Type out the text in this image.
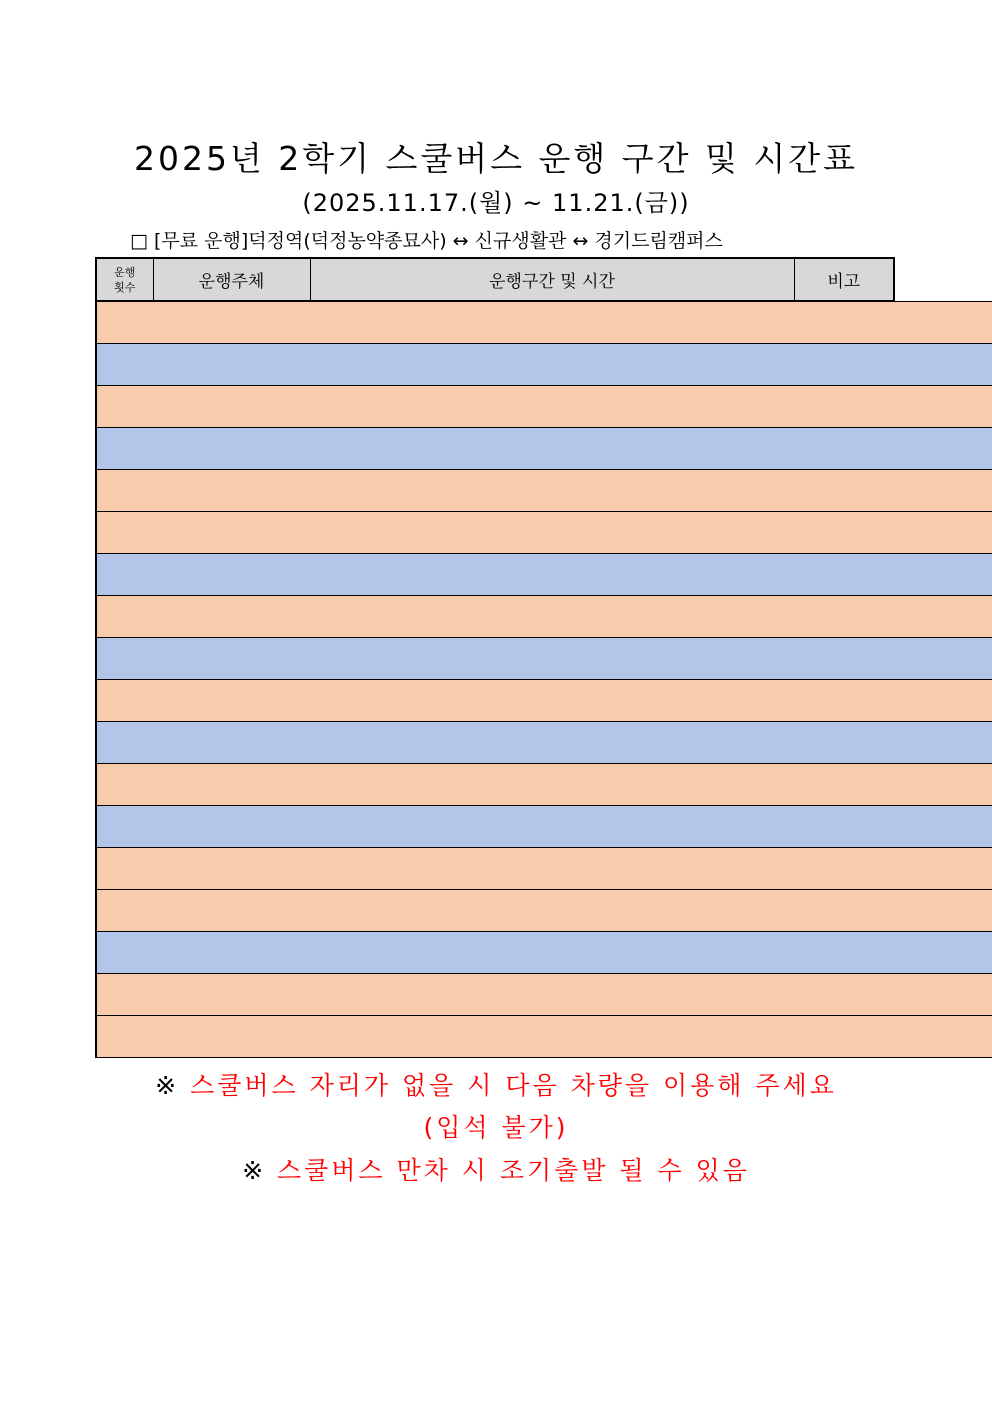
2025년 2학기 스쿨버스 운행 구간 및 시간표
(2025.11.17.(월) ~ 11.21.(금))
□ [무료 운행]덕정역(덕정농약종묘사) ↔ 신규생활관 ↔ 경기드림캠퍼스
운행
횟수	운행주체	운행구간 및 시간	비고

※ 스쿨버스 자리가 없을 시 다음 차량을 이용해 주세요
(입석 불가)
※ 스쿨버스 만차 시 조기출발 될 수 있음
